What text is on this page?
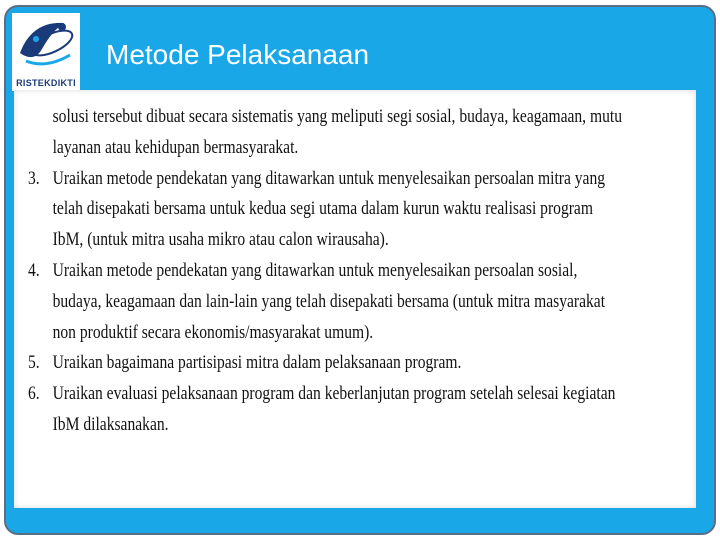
RISTEKDIKTI
Metode Pelaksanaan
solusi tersebut dibuat secara sistematis yang meliputi segi sosial, budaya, keagamaan, mutu
layanan atau kehidupan bermasyarakat.
3. Uraikan metode pendekatan yang ditawarkan untuk menyelesaikan persoalan mitra yang
telah disepakati bersama untuk kedua segi utama dalam kurun waktu realisasi program
IbM, (untuk mitra usaha mikro atau calon wirausaha).
4. Uraikan metode pendekatan yang ditawarkan untuk menyelesaikan persoalan sosial,
budaya, keagamaan dan lain-lain yang telah disepakati bersama (untuk mitra masyarakat
non produktif secara ekonomis/masyarakat umum).
5. Uraikan bagaimana partisipasi mitra dalam pelaksanaan program.
6. Uraikan evaluasi pelaksanaan program dan keberlanjutan program setelah selesai kegiatan
IbM dilaksanakan.
